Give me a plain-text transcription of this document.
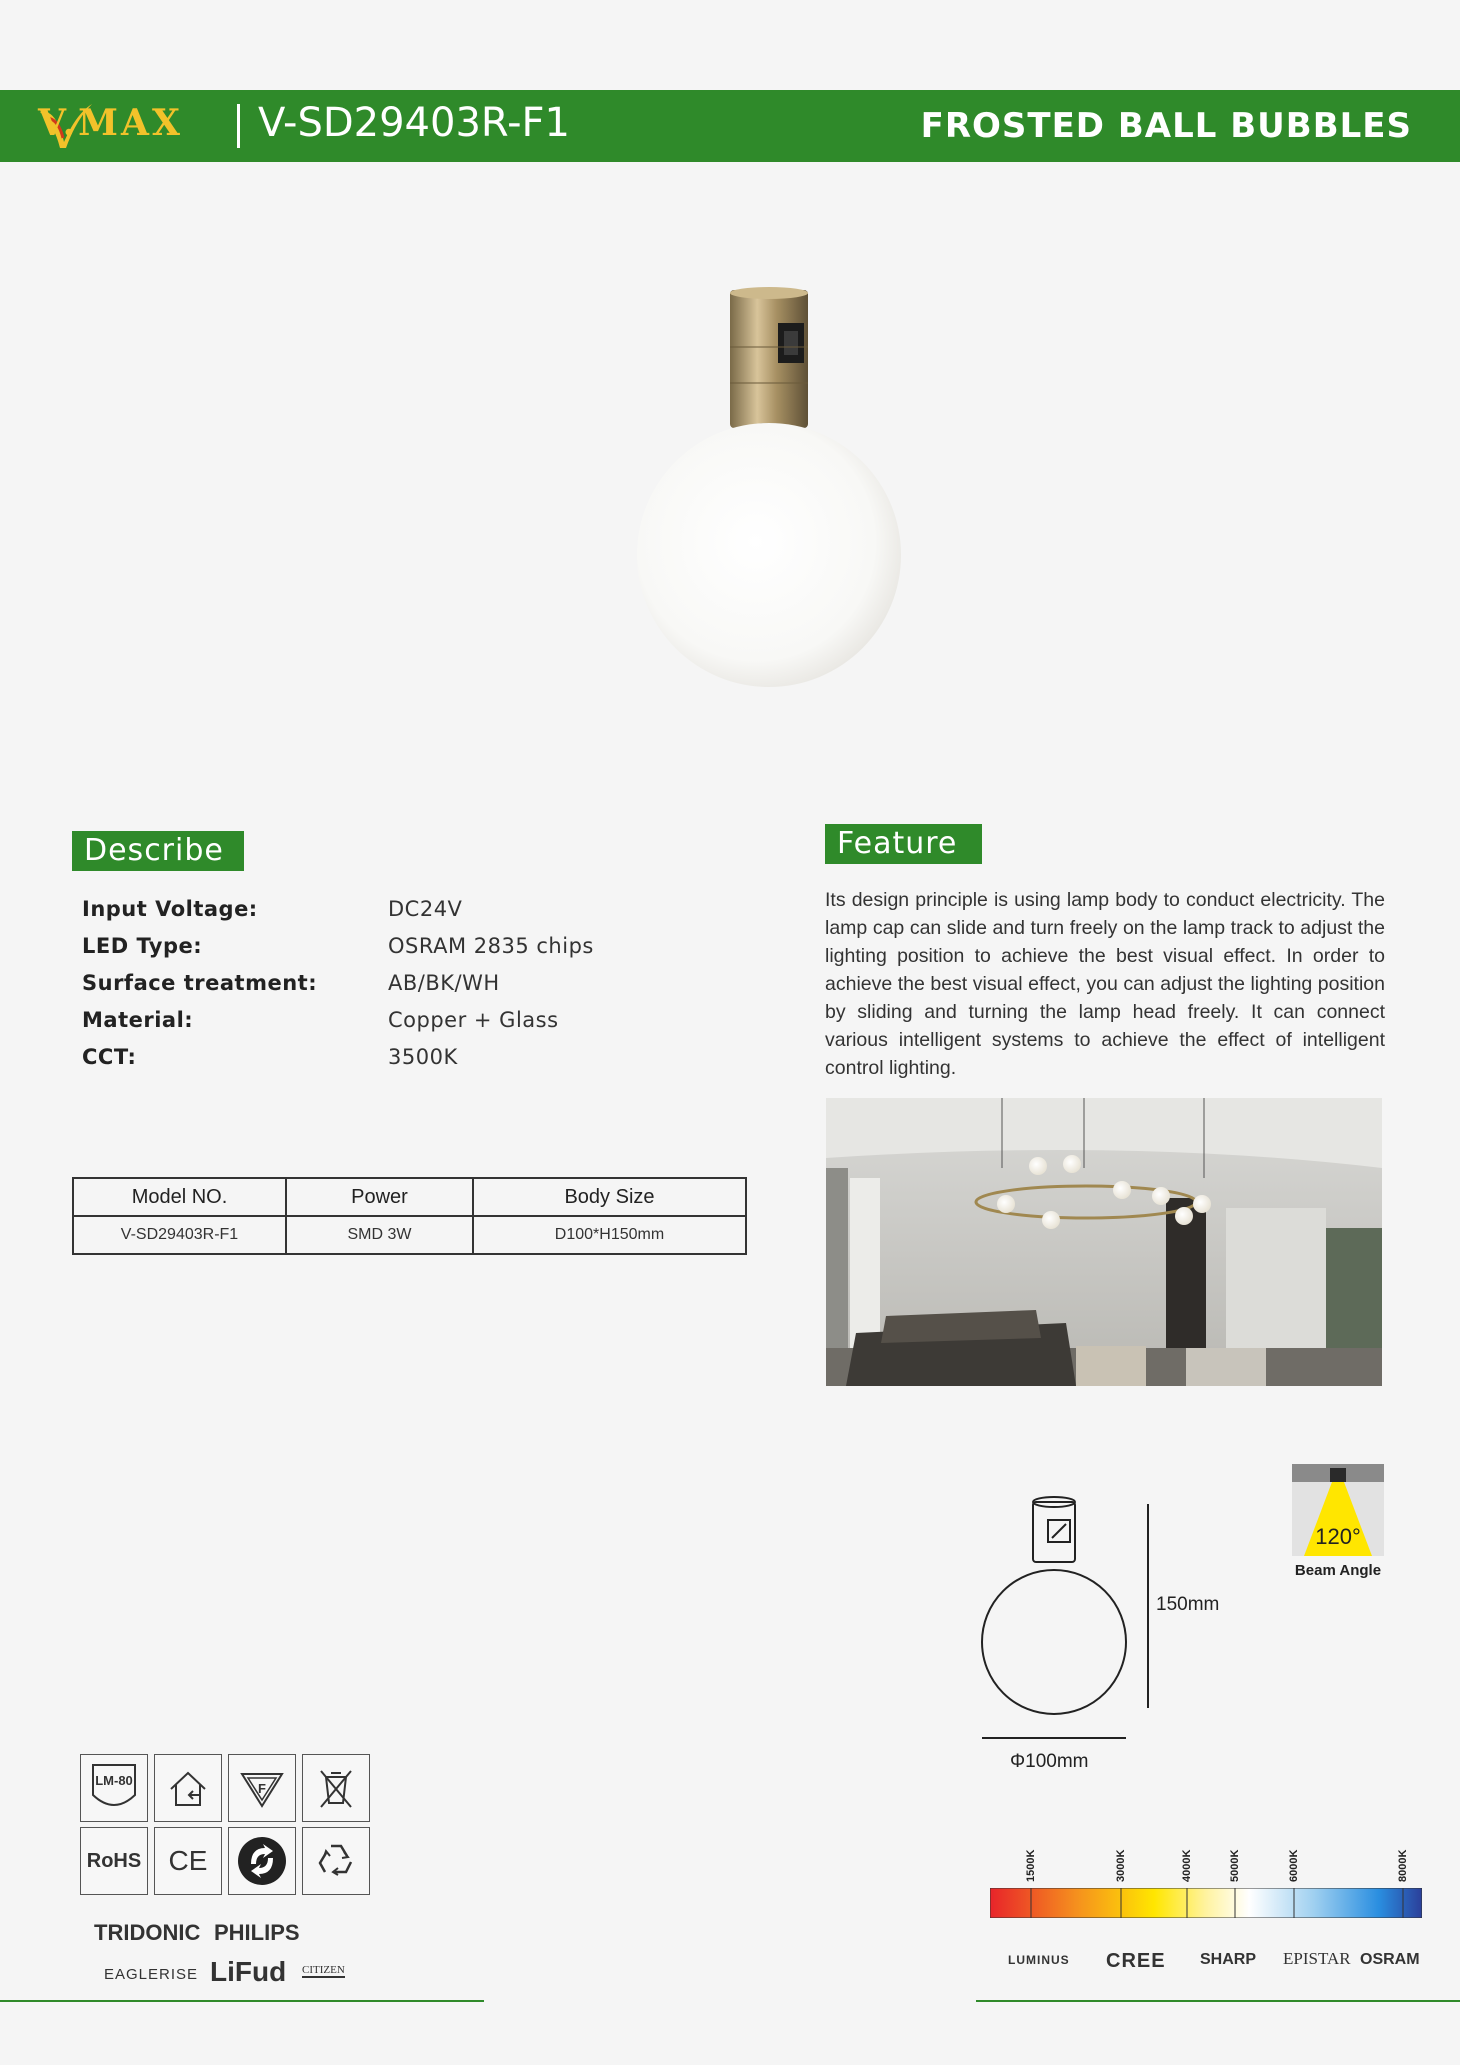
V.MAX V-SD29403R-F1	FROSTED BALL BUBBLES
Describe
Input Voltage:	DC24V
LED Type:	OSRAM 2835 chips
Surface treatment:	AB/BK/WH
Material:	Copper + Glass
CCT:	3500K
Model NO.	Power	Body Size
V-SD29403R-F1	SMD 3W	D100*H150mm
Feature

Its design principle is using lamp body to conduct electricity. The lamp cap can slide and turn freely on the lamp track to adjust the lighting position to achieve the best visual effect. In order to achieve the best visual effect, you can adjust the lighting position by sliding and turning the lamp head freely. It can connect various intelligent systems to achieve the effect of intelligent control lighting.

150mm
Φ100mm
120°
Beam Angle
LM-80
F
RoHS CE
TRIDONIC PHILIPS
EAGLERISE LiFud CITIZEN
1500K	3000K	4000K	5000K	6000K	8000K
LUMINUS CREE SHARP EPISTAR OSRAM
